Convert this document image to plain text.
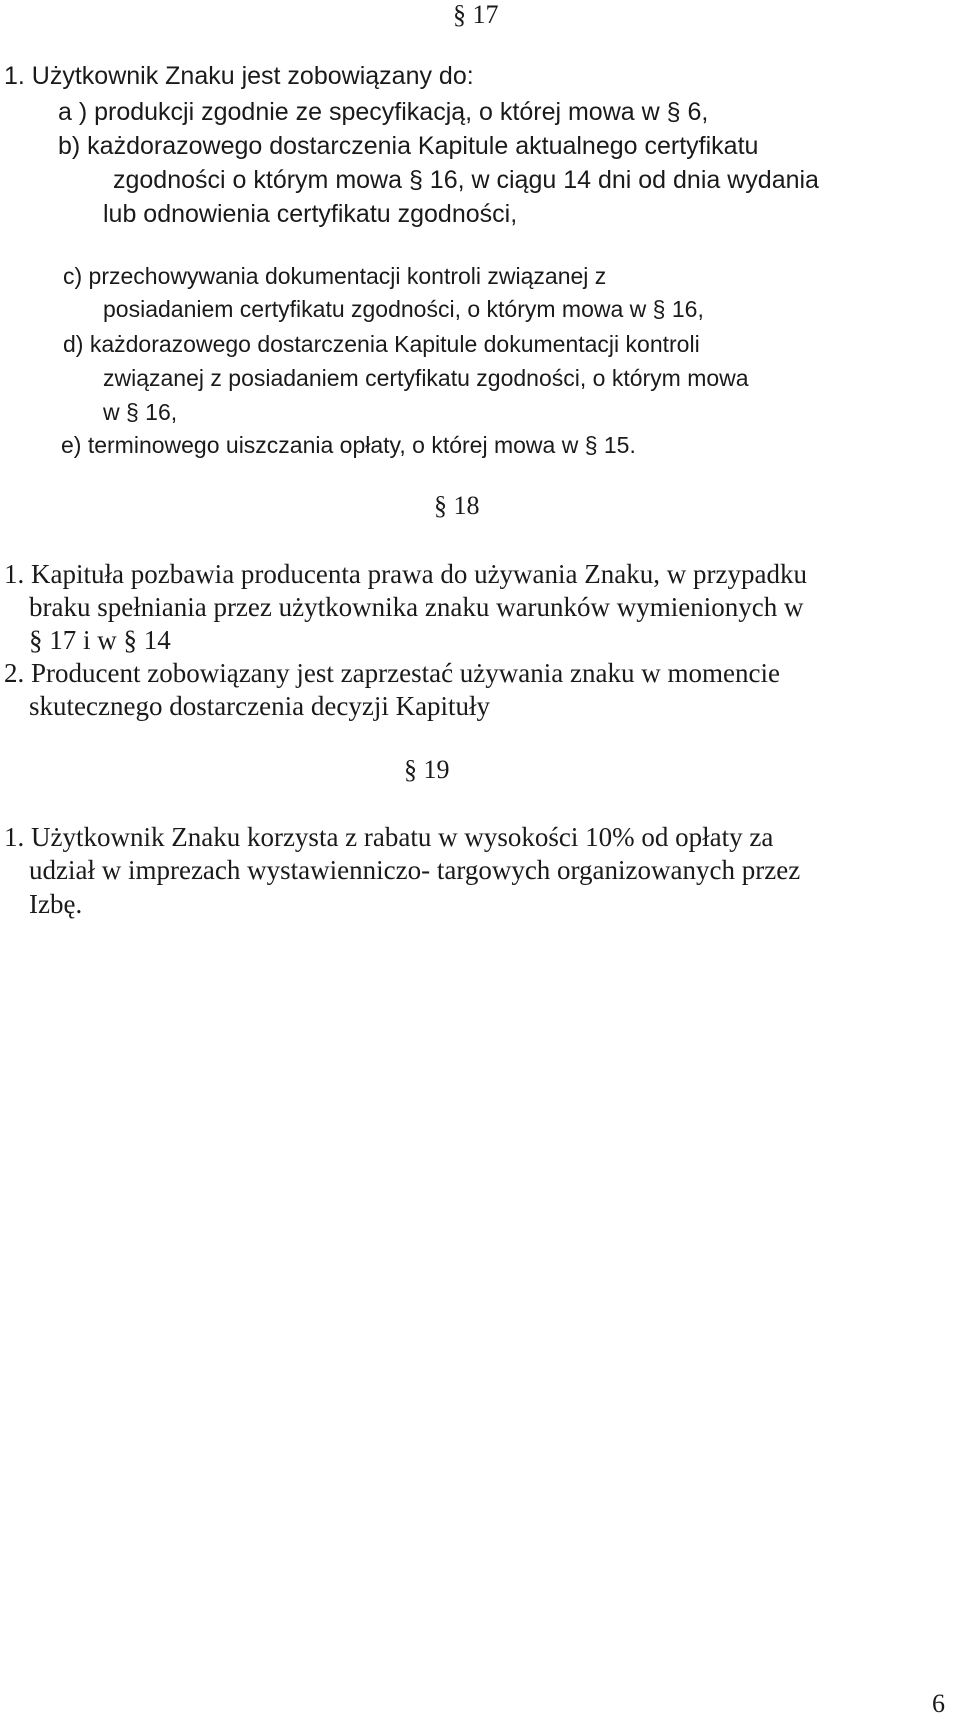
§ 17
1. Użytkownik Znaku jest zobowiązany do:
a ) produkcji zgodnie ze specyfikacją, o której mowa w § 6,
b) każdorazowego dostarczenia Kapitule aktualnego certyfikatu
zgodności o którym mowa § 16, w ciągu 14 dni od dnia wydania
lub odnowienia certyfikatu zgodności,
c) przechowywania dokumentacji kontroli związanej z
posiadaniem certyfikatu zgodności, o którym mowa w § 16,
d) każdorazowego dostarczenia Kapitule dokumentacji kontroli
związanej z posiadaniem certyfikatu zgodności, o którym mowa
w § 16,
e) terminowego uiszczania opłaty, o której mowa w § 15.
§ 18
1. Kapituła pozbawia producenta prawa do używania Znaku, w przypadku
braku spełniania przez użytkownika znaku warunków wymienionych w
§ 17 i w § 14
2. Producent zobowiązany jest zaprzestać używania znaku w momencie
skutecznego dostarczenia decyzji Kapituły
§ 19
1. Użytkownik Znaku korzysta z rabatu w wysokości 10% od opłaty za
udział w imprezach wystawienniczo- targowych organizowanych przez
Izbę.
6
